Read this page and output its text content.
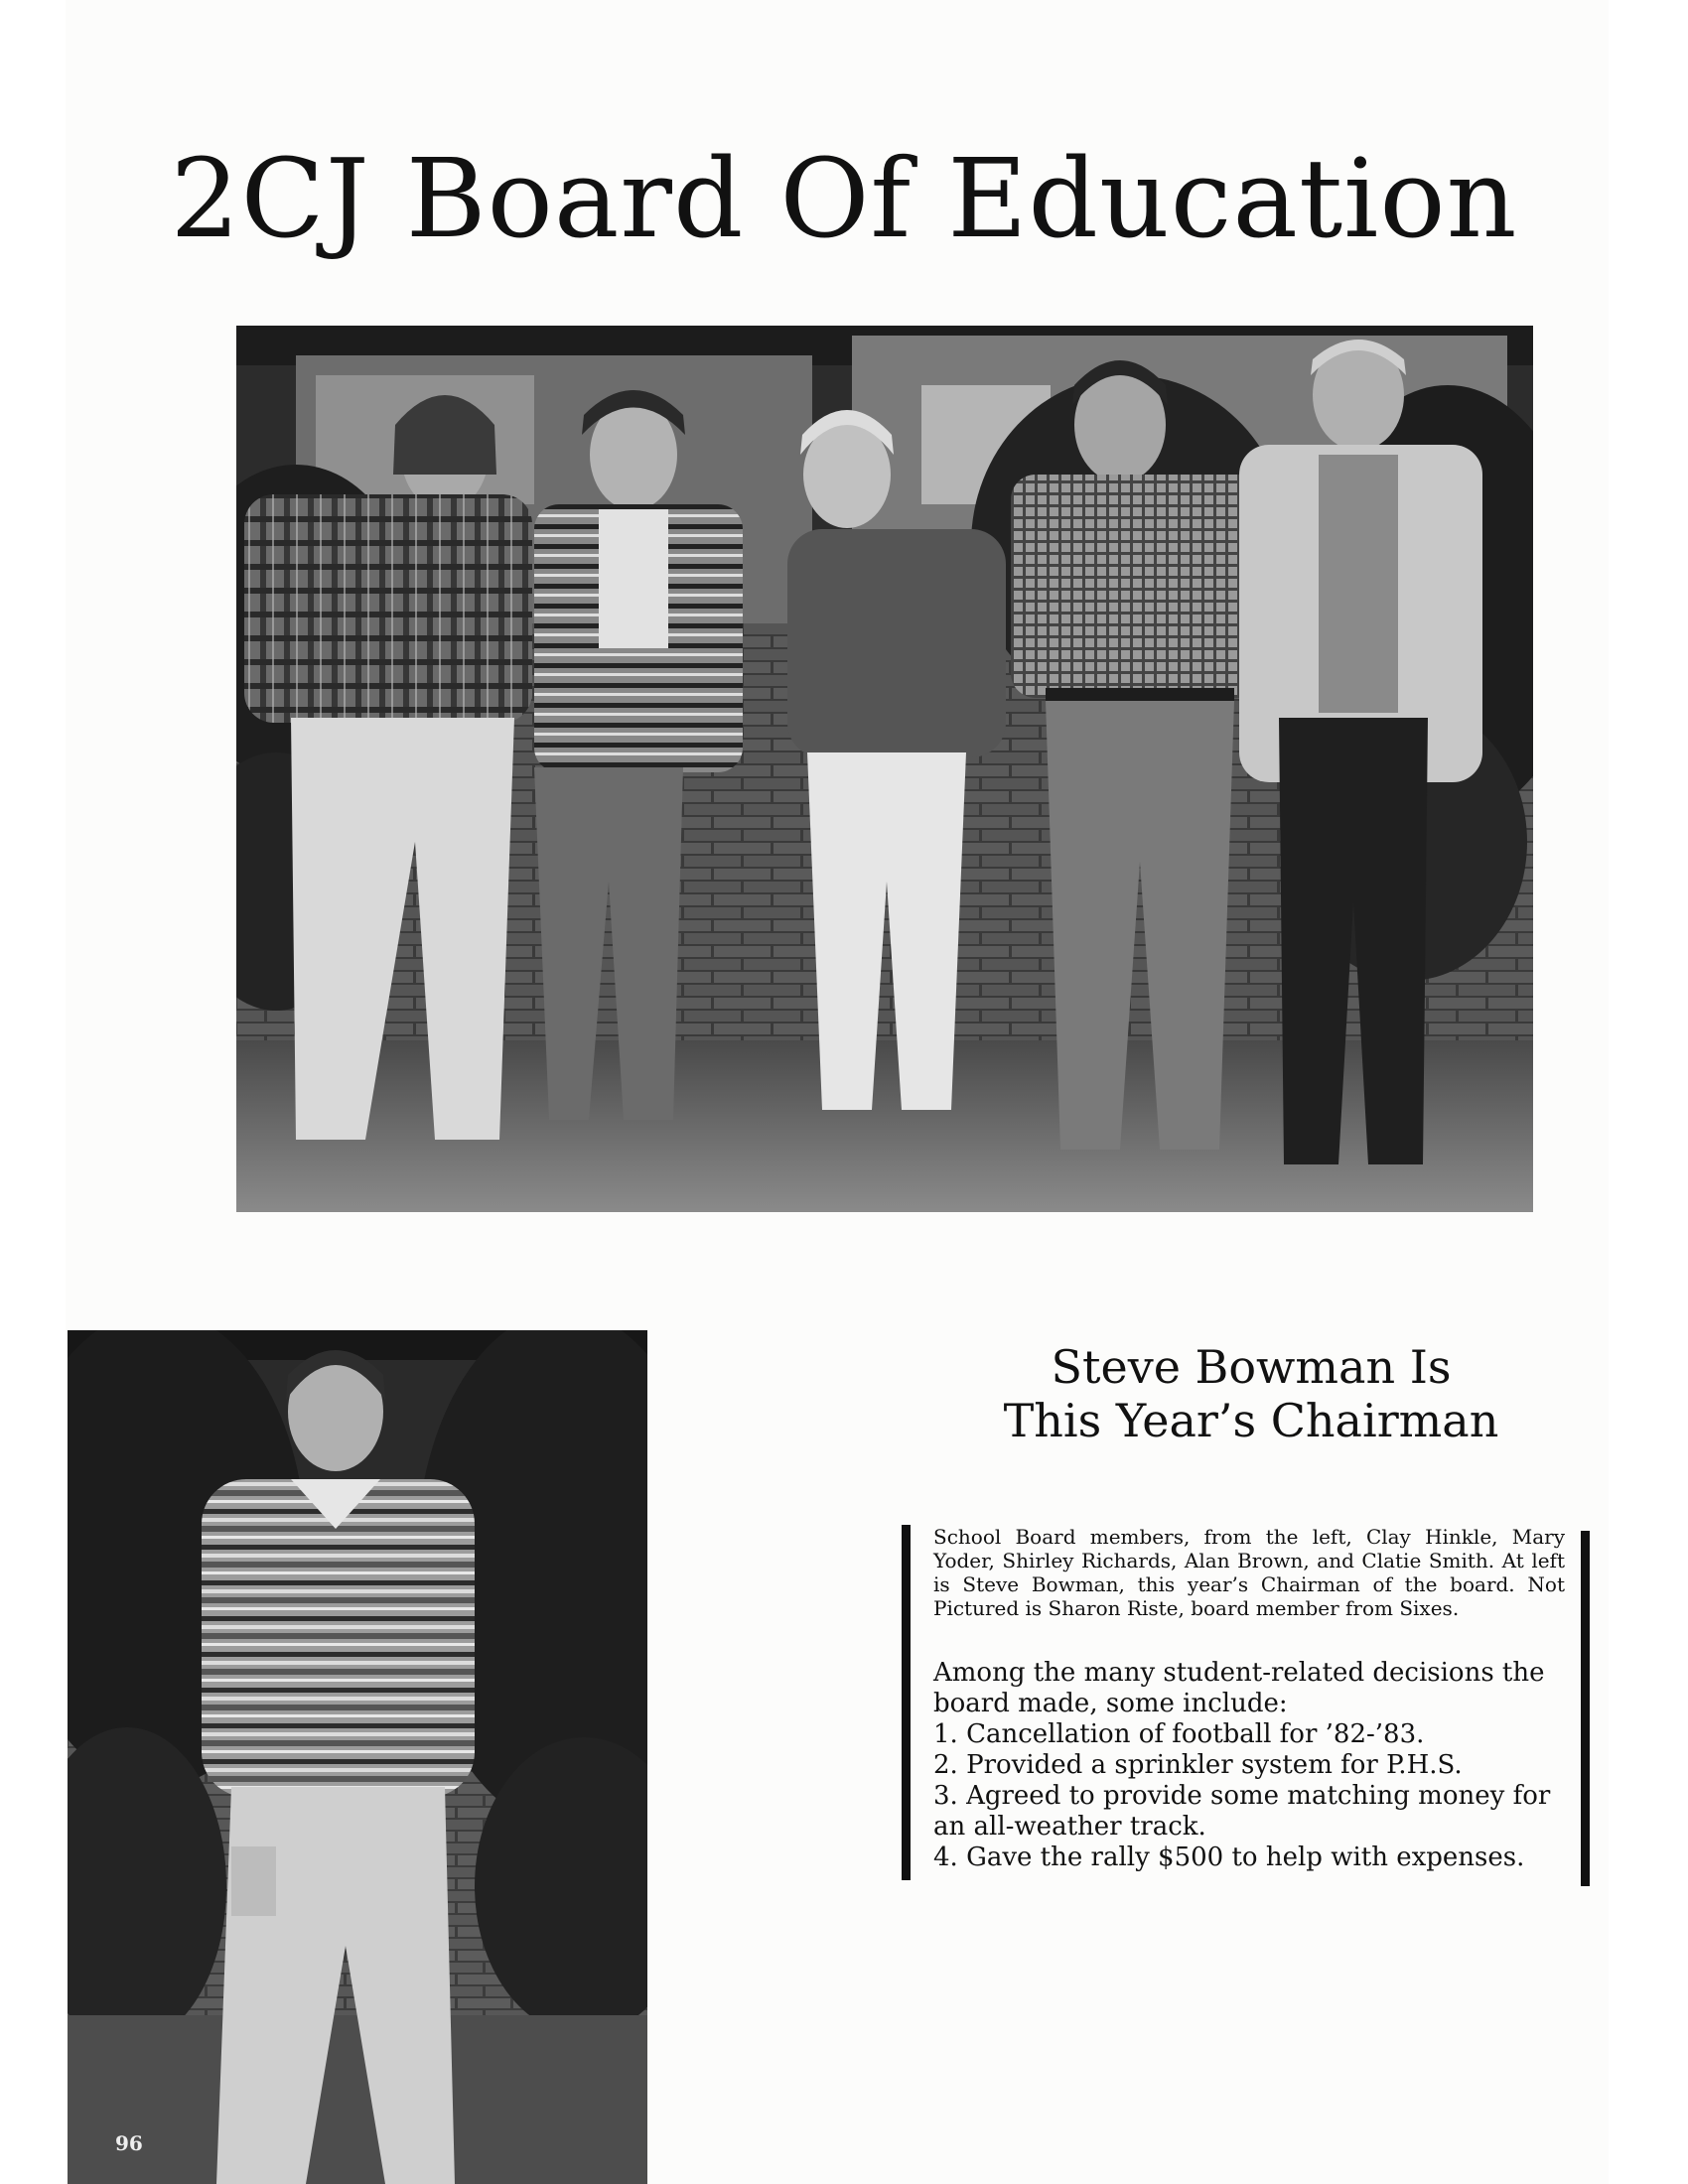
2CJ Board Of Education
96
Steve Bowman Is
This Year’s Chairman

School Board members, from the left, Clay Hinkle, Mary Yoder, Shirley Richards, Alan Brown, and Clatie Smith. At left is Steve Bowman, this year’s Chairman of the board. Not Pictured is Sharon Riste, board member from Sixes.

Among the many student-related decisions the board made, some include:

1. Cancellation of football for ’82-’83.
2. Provided a sprinkler system for P.H.S.
3. Agreed to provide some matching money for an all-weather track.
4. Gave the rally $500 to help with expenses.
